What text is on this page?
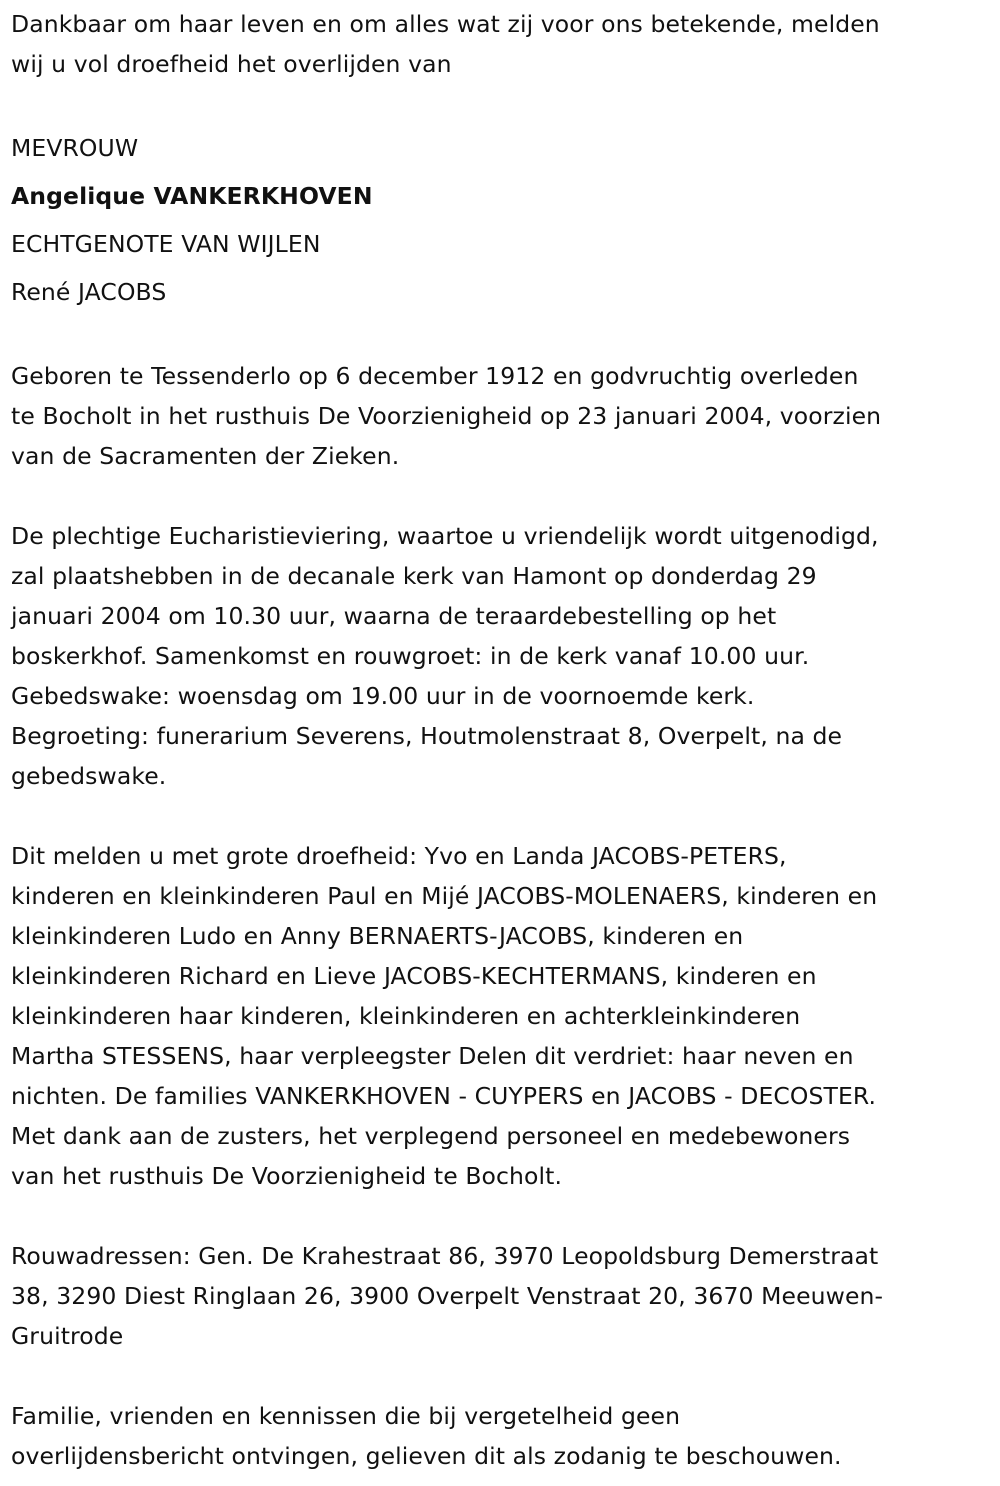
Dankbaar om haar leven en om alles wat zij voor ons betekende, melden
wij u vol droefheid het overlijden van

MEVROUW
Angelique VANKERKHOVEN
ECHTGENOTE VAN WIJLEN
René JACOBS

Geboren te Tessenderlo op 6 december 1912 en godvruchtig overleden
te Bocholt in het rusthuis De Voorzienigheid op 23 januari 2004, voorzien
van de Sacramenten der Zieken.

De plechtige Eucharistieviering, waartoe u vriendelijk wordt uitgenodigd,
zal plaatshebben in de decanale kerk van Hamont op donderdag 29
januari 2004 om 10.30 uur, waarna de teraardebestelling op het
boskerkhof. Samenkomst en rouwgroet: in de kerk vanaf 10.00 uur.
Gebedswake: woensdag om 19.00 uur in de voornoemde kerk.
Begroeting: funerarium Severens, Houtmolenstraat 8, Overpelt, na de
gebedswake.

Dit melden u met grote droefheid: Yvo en Landa JACOBS-PETERS,
kinderen en kleinkinderen Paul en Mijé JACOBS-MOLENAERS, kinderen en
kleinkinderen Ludo en Anny BERNAERTS-JACOBS, kinderen en
kleinkinderen Richard en Lieve JACOBS-KECHTERMANS, kinderen en
kleinkinderen haar kinderen, kleinkinderen en achterkleinkinderen
Martha STESSENS, haar verpleegster Delen dit verdriet: haar neven en
nichten. De families VANKERKHOVEN - CUYPERS en JACOBS - DECOSTER.
Met dank aan de zusters, het verplegend personeel en medebewoners
van het rusthuis De Voorzienigheid te Bocholt.

Rouwadressen: Gen. De Krahestraat 86, 3970 Leopoldsburg Demerstraat
38, 3290 Diest Ringlaan 26, 3900 Overpelt Venstraat 20, 3670 Meeuwen-
Gruitrode

Familie, vrienden en kennissen die bij vergetelheid geen
overlijdensbericht ontvingen, gelieven dit als zodanig te beschouwen.
